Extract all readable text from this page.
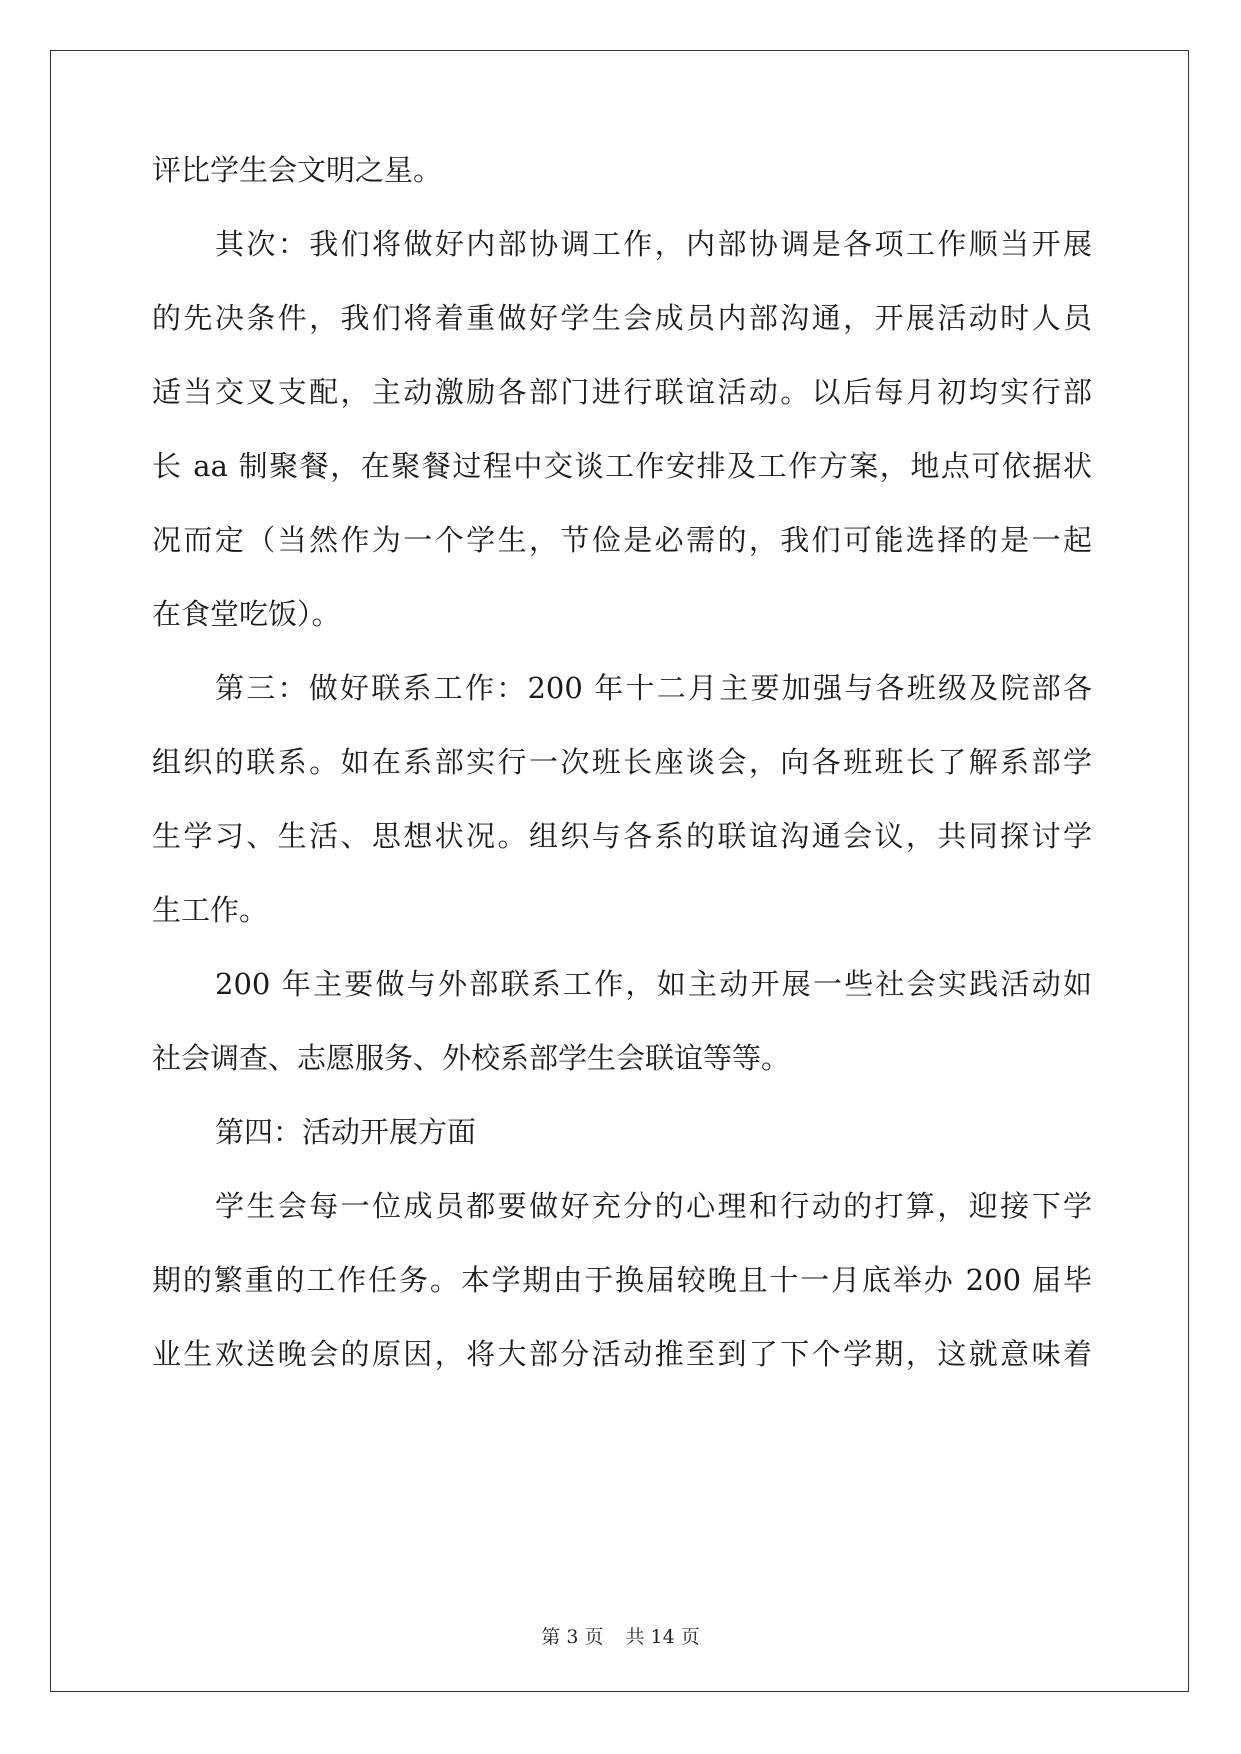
评比学生会文明之星。

其次：我们将做好内部协调工作，内部协调是各项工作顺当开展

的先决条件，我们将着重做好学生会成员内部沟通，开展活动时人员

适当交叉支配，主动激励各部门进行联谊活动。以后每月初均实行部

长 aa 制聚餐，在聚餐过程中交谈工作安排及工作方案，地点可依据状

况而定（当然作为一个学生，节俭是必需的，我们可能选择的是一起

在食堂吃饭）。

第三：做好联系工作：200 年十二月主要加强与各班级及院部各

组织的联系。如在系部实行一次班长座谈会，向各班班长了解系部学

生学习、生活、思想状况。组织与各系的联谊沟通会议，共同探讨学

生工作。

200 年主要做与外部联系工作，如主动开展一些社会实践活动如

社会调查、志愿服务、外校系部学生会联谊等等。

第四：活动开展方面

学生会每一位成员都要做好充分的心理和行动的打算，迎接下学

期的繁重的工作任务。本学期由于换届较晚且十一月底举办 200 届毕

业生欢送晚会的原因，将大部分活动推至到了下个学期，这就意味着

第 3 页 共 14 页
